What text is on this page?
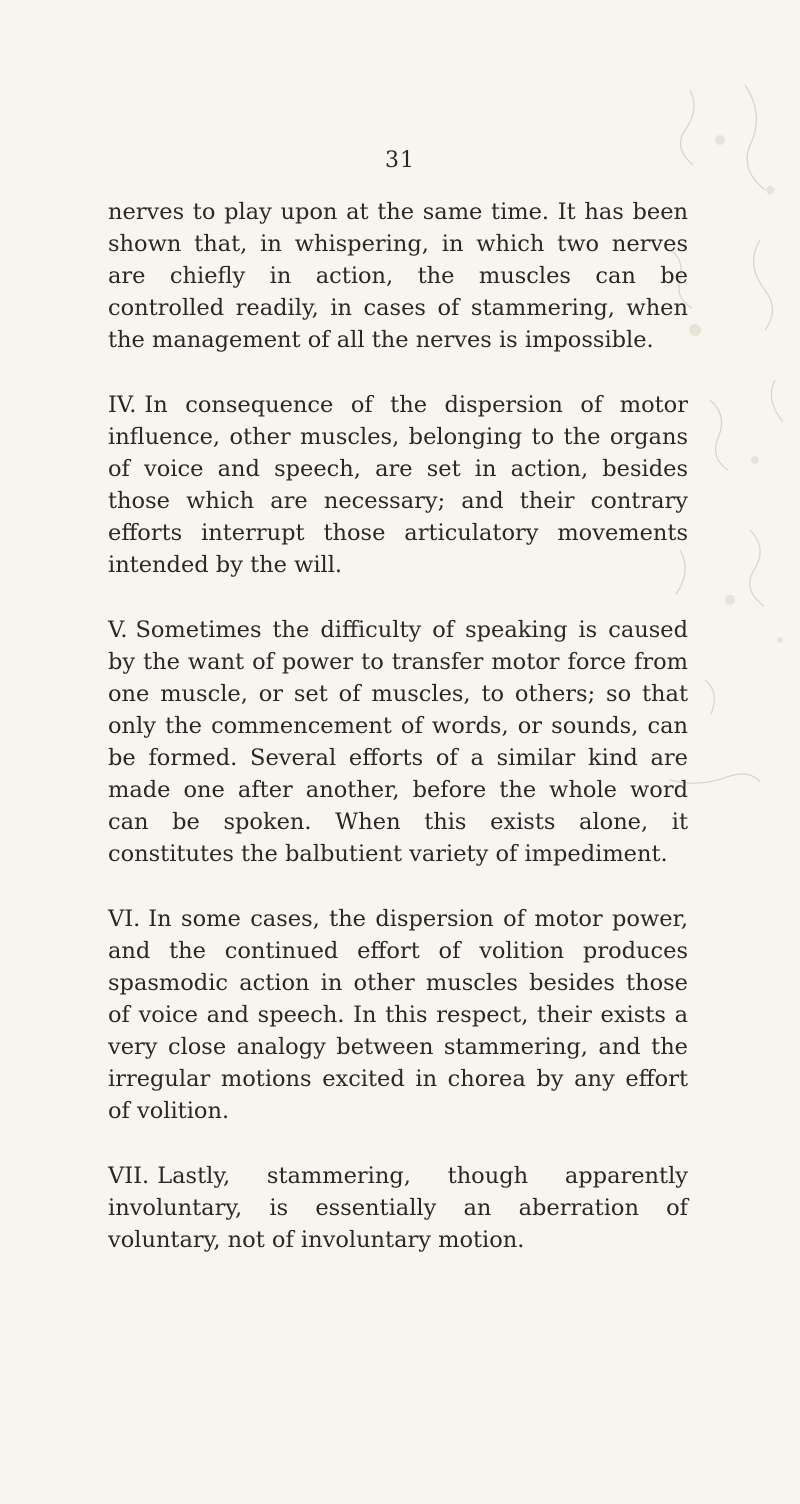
31

nerves to play upon at the same time. It has been shown that, in whispering, in which two nerves are chiefly in action, the muscles can be controlled readily, in cases of stammering, when the management of all the nerves is impossible.

IV. In consequence of the dispersion of motor influence, other muscles, belonging to the organs of voice and speech, are set in action, besides those which are necessary; and their contrary efforts interrupt those articulatory movements intended by the will.

V. Sometimes the difficulty of speaking is caused by the want of power to transfer motor force from one muscle, or set of muscles, to others; so that only the commencement of words, or sounds, can be formed. Several efforts of a similar kind are made one after another, before the whole word can be spoken. When this exists alone, it constitutes the balbutient variety of impediment.

VI. In some cases, the dispersion of motor power, and the continued effort of volition produces spasmodic action in other muscles besides those of voice and speech. In this respect, their exists a very close analogy between stammering, and the irregular motions excited in chorea by any effort of volition.

VII. Lastly, stammering, though apparently involuntary, is essentially an aberration of voluntary, not of involuntary motion.
